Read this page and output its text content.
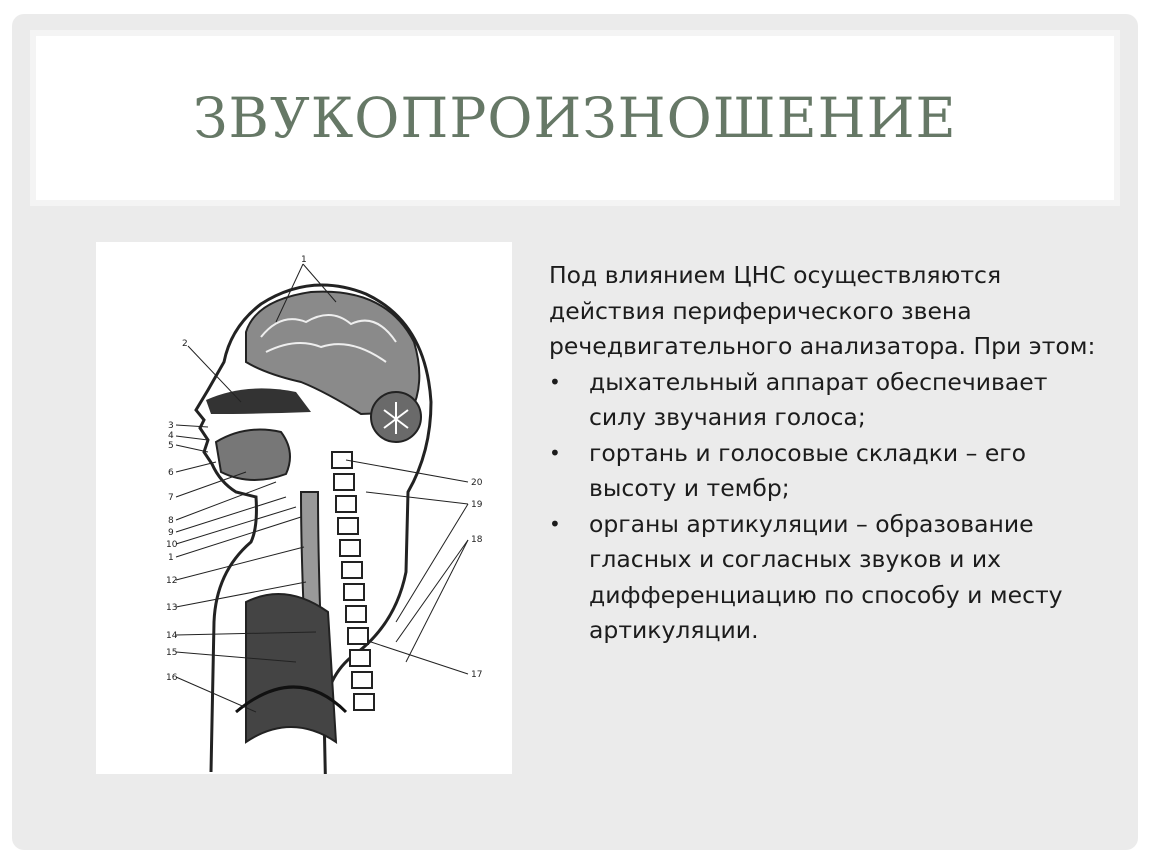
ЗВУКОПРОИЗНОШЕНИЕ
1
2
3
4
5
6
7
8
9
10
1
12
13
14
15
16
20
19
18
17

Под влиянием ЦНС осуществляются действия периферического звена речедвигательного анализатора. При этом:

• дыхательный аппарат обеспечивает силу звучания голоса;
• гортань и голосовые складки – его высоту и тембр;
• органы артикуляции – образование гласных и согласных звуков и их дифференциацию по способу и месту артикуляции.
